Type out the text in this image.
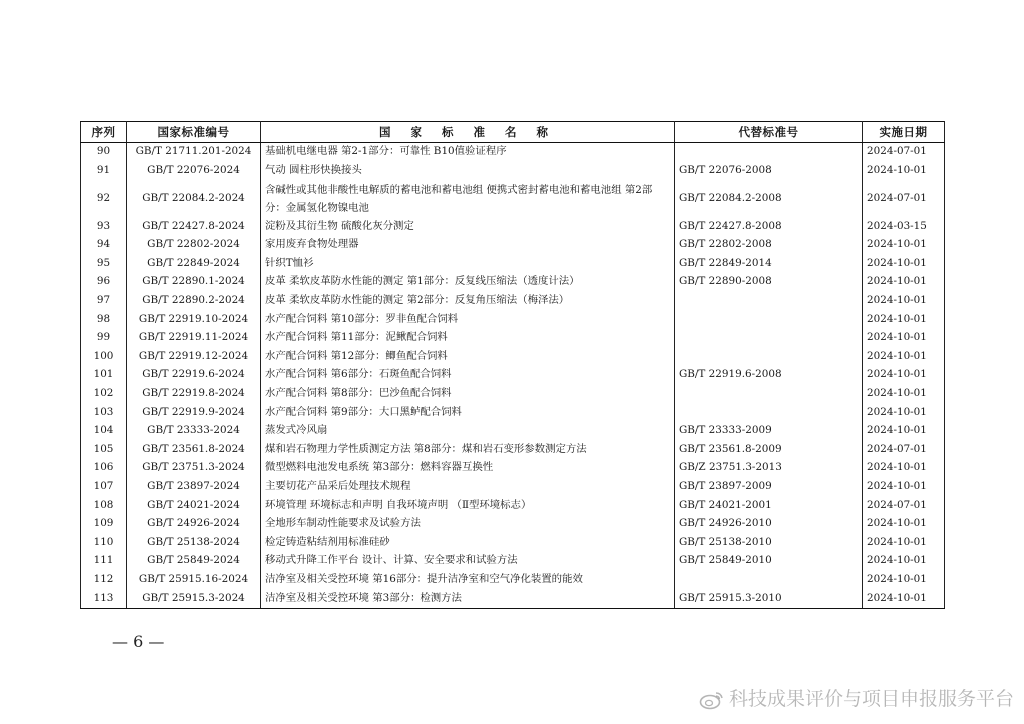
序列	国家标准编号	国 家 标 准 名 称	代替标准号	实施日期
90	GB/T 21711.201-2024	基础机电继电器 第2-1部分：可靠性 B10值验证程序		2024-07-01
91	GB/T 22076-2024	气动 圆柱形快换接头	GB/T 22076-2008	2024-10-01
92	GB/T 22084.2-2024	含碱性或其他非酸性电解质的蓄电池和蓄电池组 便携式密封蓄电池和蓄电池组 第2部分：金属氢化物镍电池	GB/T 22084.2-2008	2024-07-01
93	GB/T 22427.8-2024	淀粉及其衍生物 硫酸化灰分测定	GB/T 22427.8-2008	2024-03-15
94	GB/T 22802-2024	家用废弃食物处理器	GB/T 22802-2008	2024-10-01
95	GB/T 22849-2024	针织T恤衫	GB/T 22849-2014	2024-10-01
96	GB/T 22890.1-2024	皮革 柔软皮革防水性能的测定 第1部分：反复线压缩法（透度计法）	GB/T 22890-2008	2024-10-01
97	GB/T 22890.2-2024	皮革 柔软皮革防水性能的测定 第2部分：反复角压缩法（梅泽法）		2024-10-01
98	GB/T 22919.10-2024	水产配合饲料 第10部分：罗非鱼配合饲料		2024-10-01
99	GB/T 22919.11-2024	水产配合饲料 第11部分：泥鳅配合饲料		2024-10-01
100	GB/T 22919.12-2024	水产配合饲料 第12部分：鲫鱼配合饲料		2024-10-01
101	GB/T 22919.6-2024	水产配合饲料 第6部分：石斑鱼配合饲料	GB/T 22919.6-2008	2024-10-01
102	GB/T 22919.8-2024	水产配合饲料 第8部分：巴沙鱼配合饲料		2024-10-01
103	GB/T 22919.9-2024	水产配合饲料 第9部分：大口黑鲈配合饲料		2024-10-01
104	GB/T 23333-2024	蒸发式冷风扇	GB/T 23333-2009	2024-10-01
105	GB/T 23561.8-2024	煤和岩石物理力学性质测定方法 第8部分：煤和岩石变形参数测定方法	GB/T 23561.8-2009	2024-07-01
106	GB/T 23751.3-2024	微型燃料电池发电系统 第3部分：燃料容器互换性	GB/Z 23751.3-2013	2024-10-01
107	GB/T 23897-2024	主要切花产品采后处理技术规程	GB/T 23897-2009	2024-10-01
108	GB/T 24021-2024	环境管理 环境标志和声明 自我环境声明 （Ⅱ型环境标志）	GB/T 24021-2001	2024-07-01
109	GB/T 24926-2024	全地形车制动性能要求及试验方法	GB/T 24926-2010	2024-10-01
110	GB/T 25138-2024	检定铸造粘结剂用标准硅砂	GB/T 25138-2010	2024-10-01
111	GB/T 25849-2024	移动式升降工作平台 设计、计算、安全要求和试验方法	GB/T 25849-2010	2024-10-01
112	GB/T 25915.16-2024	洁净室及相关受控环境 第16部分：提升洁净室和空气净化装置的能效		2024-10-01
113	GB/T 25915.3-2024	洁净室及相关受控环境 第3部分：检测方法	GB/T 25915.3-2010	2024-10-01
— 6 —
科技成果评价与项目申报服务平台
